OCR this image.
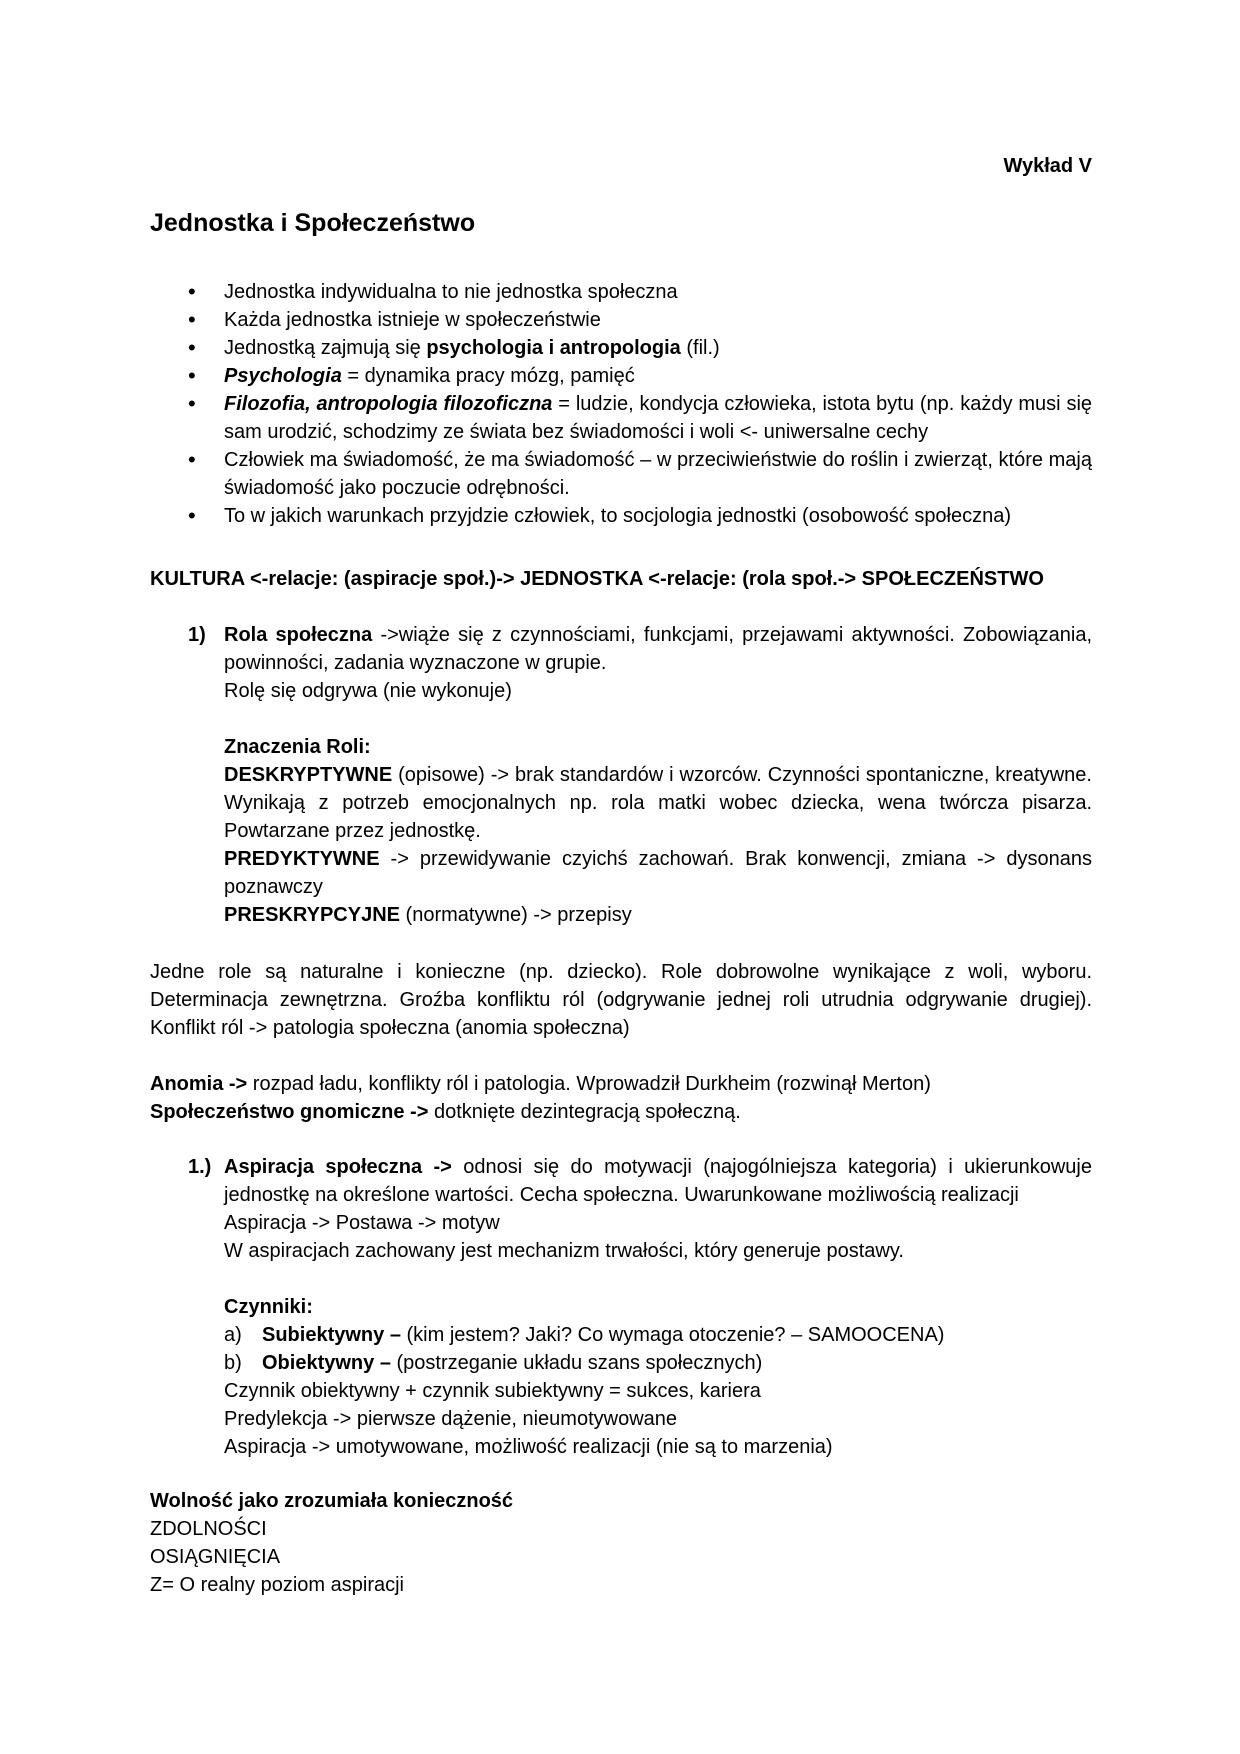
Wykład V
Jednostka i Społeczeństwo
• Jednostka indywidualna to nie jednostka społeczna
• Każda jednostka istnieje w społeczeństwie
• Jednostką zajmują się psychologia i antropologia (fil.)
• Psychologia = dynamika pracy mózg, pamięć
• Filozofia, antropologia filozoficzna = ludzie, kondycja człowieka, istota bytu (np. każdy musi się sam urodzić, schodzimy ze świata bez świadomości i woli <- uniwersalne cechy
• Człowiek ma świadomość, że ma świadomość – w przeciwieństwie do roślin i zwierząt, które mają świadomość jako poczucie odrębności.
• To w jakich warunkach przyjdzie człowiek, to socjologia jednostki (osobowość społeczna)
KULTURA <-relacje: (aspiracje społ.)-> JEDNOSTKA <-relacje: (rola społ.-> SPOŁECZEŃSTWO
1) Rola społeczna ->wiąże się z czynnościami, funkcjami, przejawami aktywności. Zobowiązania, powinności, zadania wyznaczone w grupie.
Rolę się odgrywa (nie wykonuje)
Znaczenia Roli:
DESKRYPTYWNE (opisowe) -> brak standardów i wzorców. Czynności spontaniczne, kreatywne. Wynikają z potrzeb emocjonalnych np. rola matki wobec dziecka, wena twórcza pisarza. Powtarzane przez jednostkę.
PREDYKTYWNE -> przewidywanie czyichś zachowań. Brak konwencji, zmiana -> dysonans poznawczy
PRESKRYPCYJNE (normatywne) -> przepisy
Jedne role są naturalne i konieczne (np. dziecko). Role dobrowolne wynikające z woli, wyboru. Determinacja zewnętrzna. Groźba konfliktu ról (odgrywanie jednej roli utrudnia odgrywanie drugiej). Konflikt ról -> patologia społeczna (anomia społeczna)
Anomia -> rozpad ładu, konflikty ról i patologia. Wprowadził Durkheim (rozwinął Merton)
Społeczeństwo gnomiczne -> dotknięte dezintegracją społeczną.
1.) Aspiracja społeczna -> odnosi się do motywacji (najogólniejsza kategoria) i ukierunkowuje jednostkę na określone wartości. Cecha społeczna. Uwarunkowane możliwością realizacji
Aspiracja -> Postawa -> motyw
W aspiracjach zachowany jest mechanizm trwałości, który generuje postawy.
Czynniki:
a) Subiektywny – (kim jestem? Jaki? Co wymaga otoczenie? – SAMOOCENA)
b) Obiektywny – (postrzeganie układu szans społecznych)
Czynnik obiektywny + czynnik subiektywny = sukces, kariera
Predylekcja -> pierwsze dążenie, nieumotywowane
Aspiracja -> umotywowane, możliwość realizacji (nie są to marzenia)
Wolność jako zrozumiała konieczność
ZDOLNOŚCI
OSIĄGNIĘCIA
Z= O realny poziom aspiracji
